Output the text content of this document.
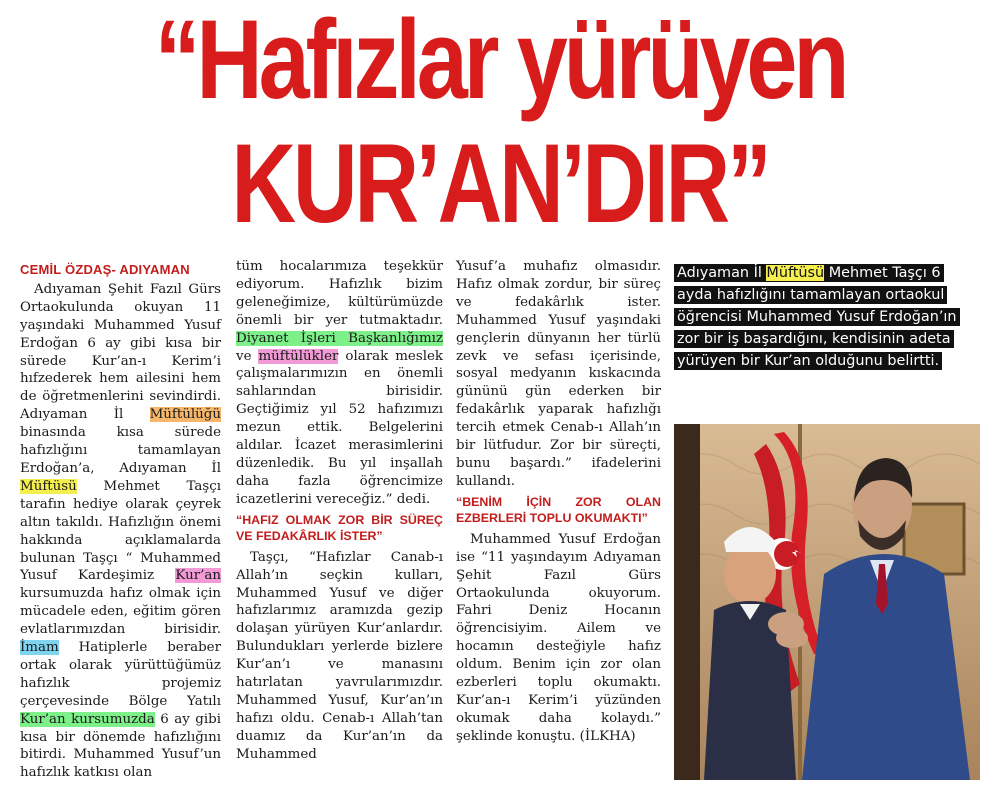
“Hafızlar yürüyen
KUR’AN’DIR”
CEMİL ÖZDAŞ- ADIYAMAN

Adıyaman Şehit Fazıl Gürs Ortaokulunda okuyan 11 yaşındaki Muhammed Yusuf Erdoğan 6 ay gibi kısa bir sürede Kur’an-ı Kerim’i hıfzederek hem ailesini hem de öğretmenlerini sevindirdi. Adıyaman İl Müftülüğü binasında kısa sürede hafızlığını tamamlayan Erdoğan’a, Adıyaman İl Müftüsü Mehmet Taşçı tarafın hediye olarak çeyrek altın takıldı. Hafızlığın önemi hakkında açıklamalarda bulunan Taşçı “ Muhammed Yusuf Kardeşimiz Kur’an kursumuzda hafız olmak için mücadele eden, eğitim gören evlatlarımızdan birisidir. İmam Hatiplerle beraber ortak olarak yürüttüğümüz hafızlık projemiz çerçevesinde Bölge Yatılı Kur’an kursumuzda 6 ay gibi kısa bir dönemde hafızlığını bitirdi. Muhammed Yusuf’un hafızlık katkısı olan

tüm hocalarımıza teşekkür ediyorum. Hafızlık bizim geleneğimize, kültürümüzde önemli bir yer tutmaktadır. Diyanet İşleri Başkanlığımız ve müftülükler olarak meslek çalışmalarımızın en önemli sahlarından birisidir. Geçtiğimiz yıl 52 hafızımızı mezun ettik. Belgelerini aldılar. İcazet merasimlerini düzenledik. Bu yıl inşallah daha fazla öğrencimize icazetlerini vereceğiz.” dedi.

“HAFIZ OLMAK ZOR BİR SÜREÇ VE FEDAKÂRLIK İSTER”

Taşçı, “Hafızlar Canab-ı Allah’ın seçkin kulları, Muhammed Yusuf ve diğer hafızlarımız aramızda gezip dolaşan yürüyen Kur’anlardır. Bulundukları yerlerde bizlere Kur’an’ı ve manasını hatırlatan yavrularımızdır. Muhammed Yusuf, Kur’an’ın hafızı oldu. Cenab-ı Allah’tan duamız da Kur’an’ın da Muhammed

Yusuf’a muhafız olmasıdır. Hafız olmak zordur, bir süreç ve fedakârlık ister. Muhammed Yusuf yaşındaki gençlerin dünyanın her türlü zevk ve sefası içerisinde, sosyal medyanın kıskacında gününü gün ederken bir fedakârlık yaparak hafızlığı tercih etmek Cenab-ı Allah’ın bir lütfudur. Zor bir süreçti, bunu başardı.” ifadelerini kullandı.

“BENİM İÇİN ZOR OLAN EZBERLERİ TOPLU OKUMAKTI”

Muhammed Yusuf Erdoğan ise “11 yaşındayım Adıyaman Şehit Fazıl Gürs Ortaokulunda okuyorum. Fahri Deniz Hocanın öğrencisiyim. Ailem ve hocamın desteğiyle hafız oldum. Benim için zor olan ezberleri toplu okumaktı. Kur’an-ı Kerim’i yüzünden okumak daha kolaydı.” şeklinde konuştu. (İLKHA)

Adıyaman İl Müftüsü Mehmet Taşçı 6 ayda hafızlığını tamamlayan ortaokul öğrencisi Muhammed Yusuf Erdoğan’ın zor bir iş başardığını, kendisinin adeta yürüyen bir Kur’an olduğunu belirtti.
